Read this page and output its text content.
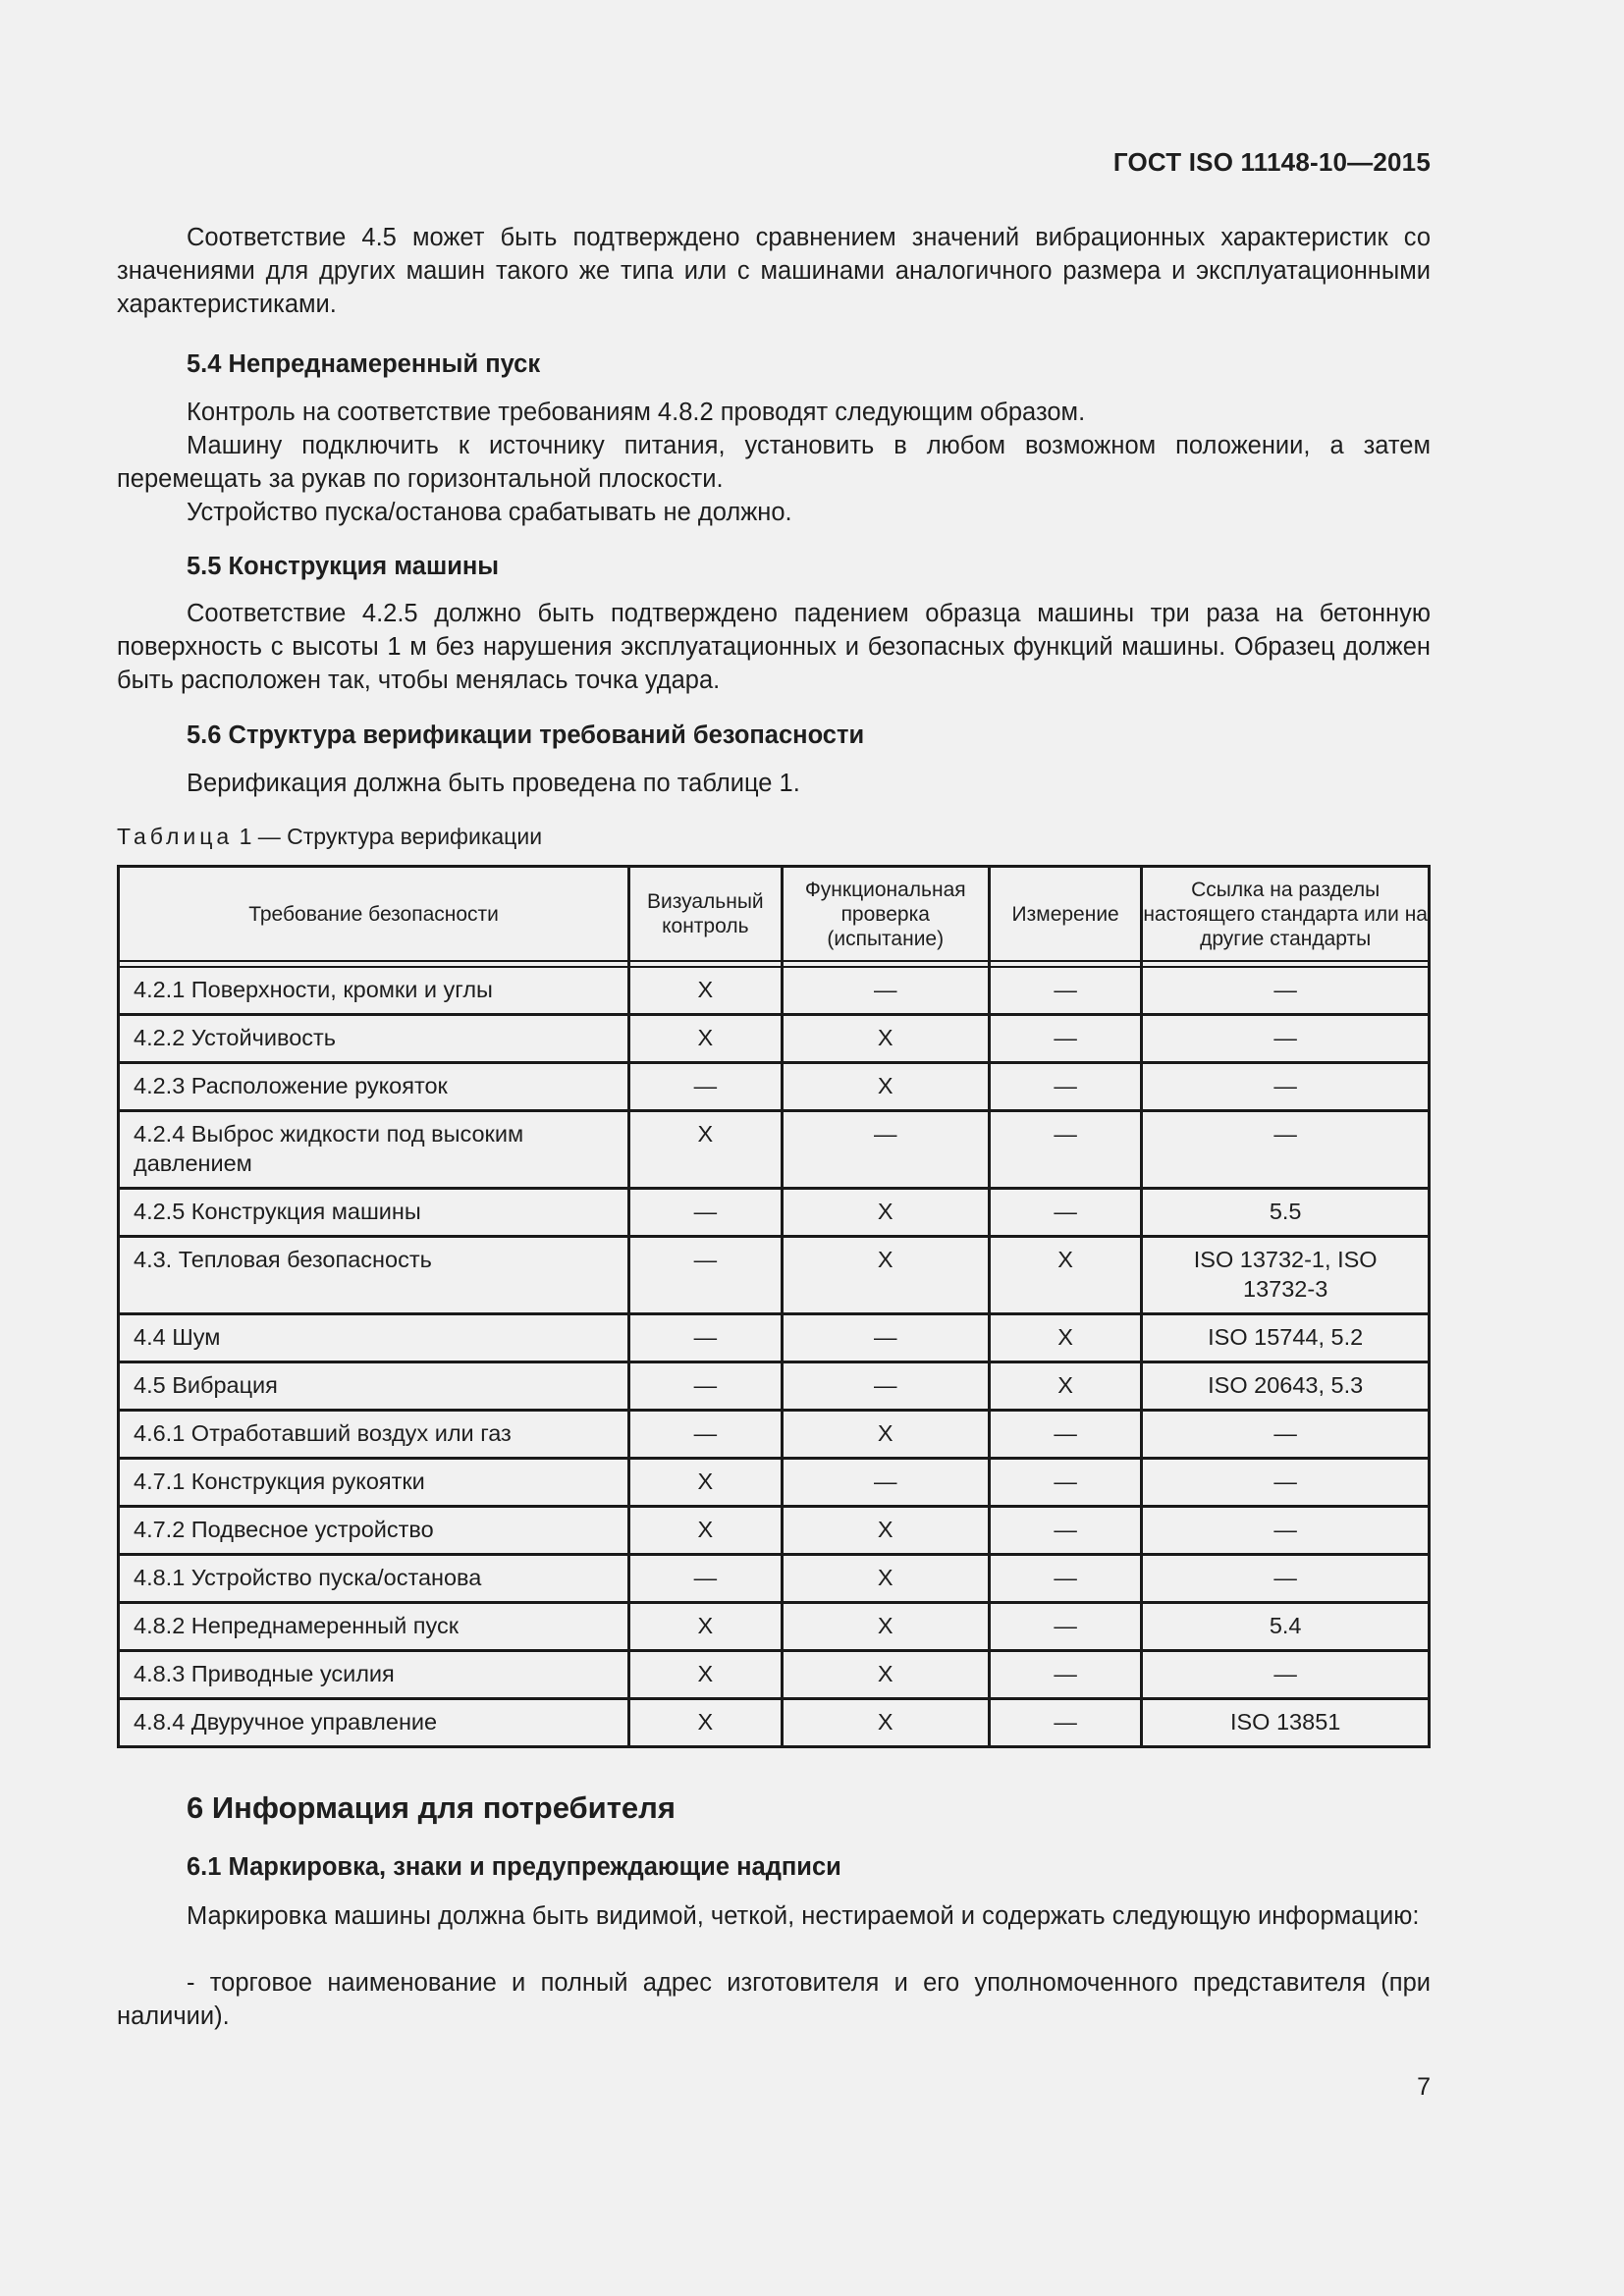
ГОСТ ISO 11148-10—2015

Соответствие 4.5 может быть подтверждено сравнением значений вибрационных характеристик со значениями для других машин такого же типа или с машинами аналогичного размера и эксплуатационными характеристиками.

5.4 Непреднамеренный пуск

Контроль на соответствие требованиям 4.8.2 проводят следующим образом.

Машину подключить к источнику питания, установить в любом возможном положении, а затем перемещать за рукав по горизонтальной плоскости.

Устройство пуска/останова срабатывать не должно.

5.5 Конструкция машины

Соответствие 4.2.5 должно быть подтверждено падением образца машины три раза на бетонную поверхность с высоты 1 м без нарушения эксплуатационных и безопасных функций машины. Образец должен быть расположен так, чтобы менялась точка удара.

5.6 Структура верификации требований безопасности

Верификация должна быть проведена по таблице 1.

Таблица 1 — Структура верификации
Требование безопасности	Визуальный контроль	Функциональная проверка (испытание)	Измерение	Ссылка на разделы настоящего стандарта или на другие стандарты

4.2.1 Поверхности, кромки и углы	X	—	—	—
4.2.2 Устойчивость	X	X	—	—
4.2.3 Расположение рукояток	—	X	—	—
4.2.4 Выброс жидкости под высоким давлением	X	—	—	—
4.2.5 Конструкция машины	—	X	—	5.5
4.3. Тепловая безопасность	—	X	X	ISO 13732-1, ISO 13732-3
4.4 Шум	—	—	X	ISO 15744, 5.2
4.5 Вибрация	—	—	X	ISO 20643, 5.3
4.6.1 Отработавший воздух или газ	—	X	—	—
4.7.1 Конструкция рукоятки	X	—	—	—
4.7.2 Подвесное устройство	X	X	—	—
4.8.1 Устройство пуска/останова	—	X	—	—
4.8.2 Непреднамеренный пуск	X	X	—	5.4
4.8.3 Приводные усилия	X	X	—	—
4.8.4 Двуручное управление	X	X	—	ISO 13851
6 Информация для потребителя
6.1 Маркировка, знаки и предупреждающие надписи

Маркировка машины должна быть видимой, четкой, нестираемой и содержать следующую информацию:

- торговое наименование и полный адрес изготовителя и его уполномоченного представителя (при наличии).

7
